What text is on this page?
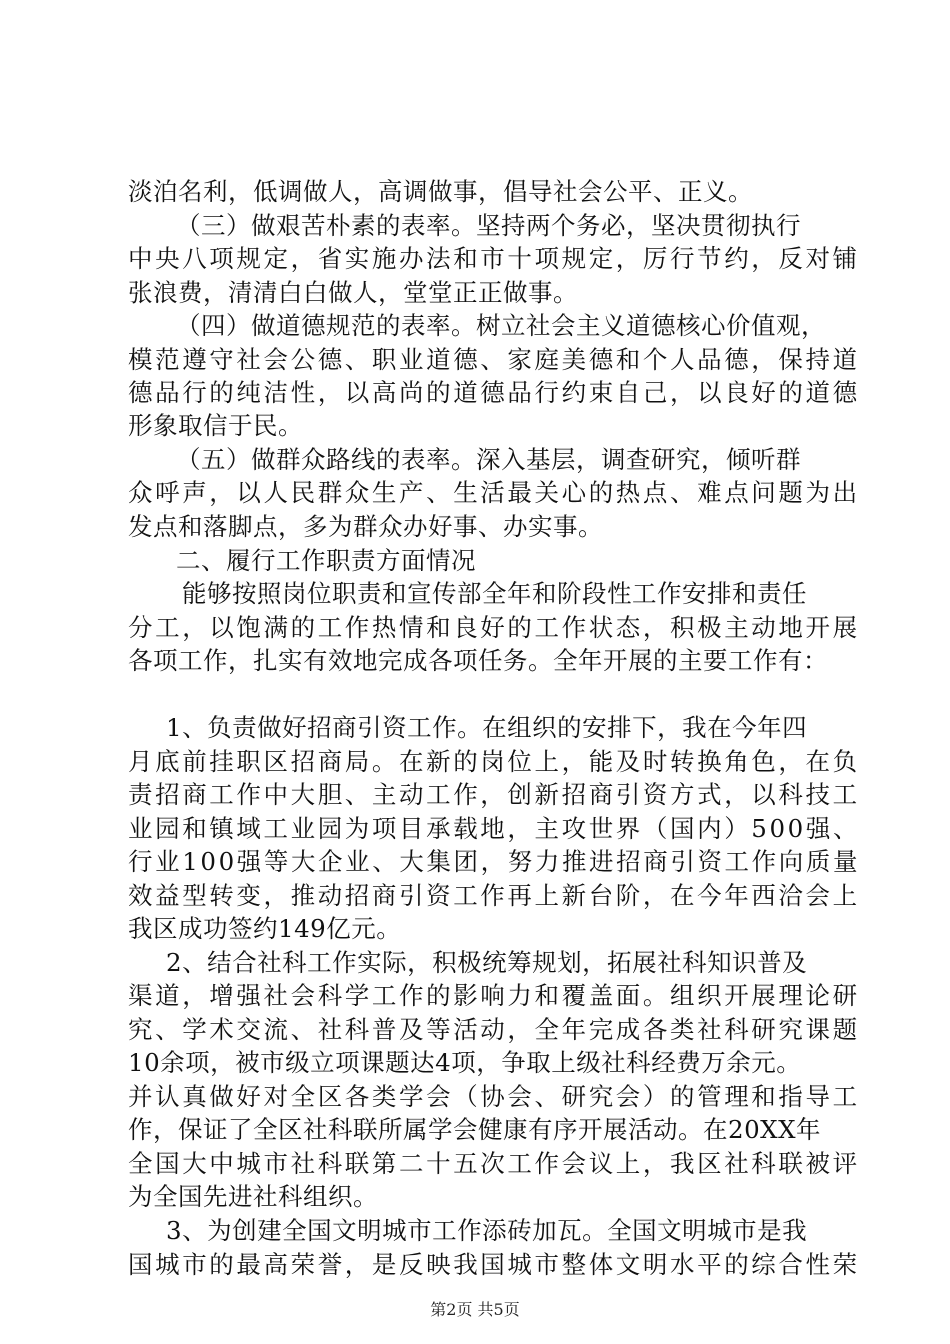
淡泊名利，低调做人，高调做事，倡导社会公平、正义。
（三）做艰苦朴素的表率。坚持两个务必，坚决贯彻执行
中央八项规定，省实施办法和市十项规定，厉行节约，反对铺
张浪费，清清白白做人，堂堂正正做事。
（四）做道德规范的表率。树立社会主义道德核心价值观，
模范遵守社会公德、职业道德、家庭美德和个人品德，保持道
德品行的纯洁性，以高尚的道德品行约束自己，以良好的道德
形象取信于民。
（五）做群众路线的表率。深入基层，调查研究，倾听群
众呼声，以人民群众生产、生活最关心的热点、难点问题为出
发点和落脚点，多为群众办好事、办实事。
二、履行工作职责方面情况
能够按照岗位职责和宣传部全年和阶段性工作安排和责任
分工，以饱满的工作热情和良好的工作状态，积极主动地开展
各项工作，扎实有效地完成各项任务。全年开展的主要工作有：
1、负责做好招商引资工作。在组织的安排下，我在今年四
月底前挂职区招商局。在新的岗位上，能及时转换角色，在负
责招商工作中大胆、主动工作，创新招商引资方式，以科技工
业园和镇域工业园为项目承载地，主攻世界（国内）500强、
行业100强等大企业、大集团，努力推进招商引资工作向质量
效益型转变，推动招商引资工作再上新台阶，在今年西洽会上
我区成功签约149亿元。
2、结合社科工作实际，积极统筹规划，拓展社科知识普及
渠道，增强社会科学工作的影响力和覆盖面。组织开展理论研
究、学术交流、社科普及等活动，全年完成各类社科研究课题
10余项，被市级立项课题达4项，争取上级社科经费万余元。
并认真做好对全区各类学会（协会、研究会）的管理和指导工
作，保证了全区社科联所属学会健康有序开展活动。在20XX年
全国大中城市社科联第二十五次工作会议上，我区社科联被评
为全国先进社科组织。
3、为创建全国文明城市工作添砖加瓦。全国文明城市是我
国城市的最高荣誉，是反映我国城市整体文明水平的综合性荣
第2页 共5页
